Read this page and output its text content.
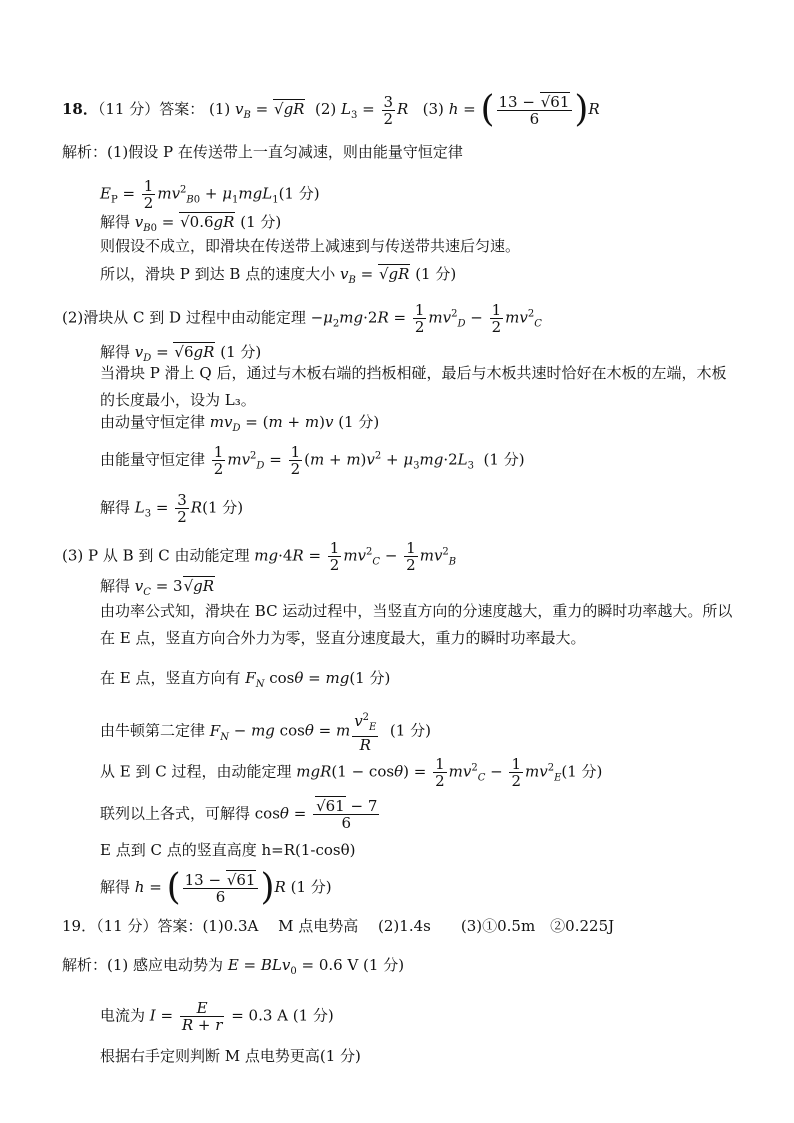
18．（11 分）答案： (1) $v_B = √gR$ (2) $L_3 = \frac{3}{2}$ R (3) h = ( $\frac{13 - √61}{6} )R$
解析：(1)假设 P 在传送带上一直匀减速，则由能量守恒定律
$E_P = \frac{1}{2} mv^2_{B0} + \mu_1mgL_1(1$ 分)
解得 $v_{B0} = √0.6gR$ (1 分)
则假设不成立，即滑块在传送带上减速到与传送带共速后匀速。
所以，滑块 P 到达 B 点的速度大小 $v_B = √gR$ (1 分)
(2)滑块从 C 到 D 过程中由动能定理 $-\mu_2mg\cdot 2R = \frac{1}{2} mv^2_D - \frac{1}{2} mv^2_C$
解得 $v_D = √6gR$ (1 分)
当滑块 P 滑上 Q 后，通过与木板右端的挡板相碰，最后与木板共速时恰好在木板的左端，木板的长度最小，设为 L₃。
由动量守恒定律 $mv_D = (m + m)v$ (1 分)
由能量守恒定律 $\frac{1}{2} mv^2_D = \frac{1}{2} (m + m)v^2 + \mu_3mg\cdot 2L_3$ (1 分)
解得 $L_3 = \frac{3}{2} R(1$ 分)
(3) P 从 B 到 C 由动能定理 $mg\cdot 4R = \frac{1}{2} mv^2_C - \frac{1}{2} mv^2_B$
解得 $v_C = 3√gR$
由功率公式知，滑块在 BC 运动过程中，当竖直方向的分速度越大，重力的瞬时功率越大。所以在 E 点，竖直方向合外力为零，竖直分速度最大，重力的瞬时功率最大。
在 E 点，竖直方向有 $F_N$ cosθ = mg(1 分)
由牛顿第二定律 $F_N$ − mg cosθ = m $\frac{v^2_E}{R} (1$ 分)
从 E 到 C 过程，由动能定理 $mgR(1 - \cos\theta) = \frac{1}{2} mv^2_C - \frac{1}{2} mv^2_E(1$ 分)
联列以上各式，可解得 $\cos\theta = \frac{√61 - 7}{6}$
E 点到 C 点的竖直高度 h=R(1-cosθ)
解得 h = ( $\frac{13 - √61}{6} )R$ (1 分)
19．（11 分）答案：(1)0.3A　 M 点电势高　 (2)1.4s　　(3)①0.5m　②0.225J
解析：(1) 感应电动势为 E = BLv$_0$ = 0.6 V (1 分)
电流为 $I = \frac{E}{R + r} = 0.3$ A (1 分)
根据右手定则判断 M 点电势更高(1 分)
